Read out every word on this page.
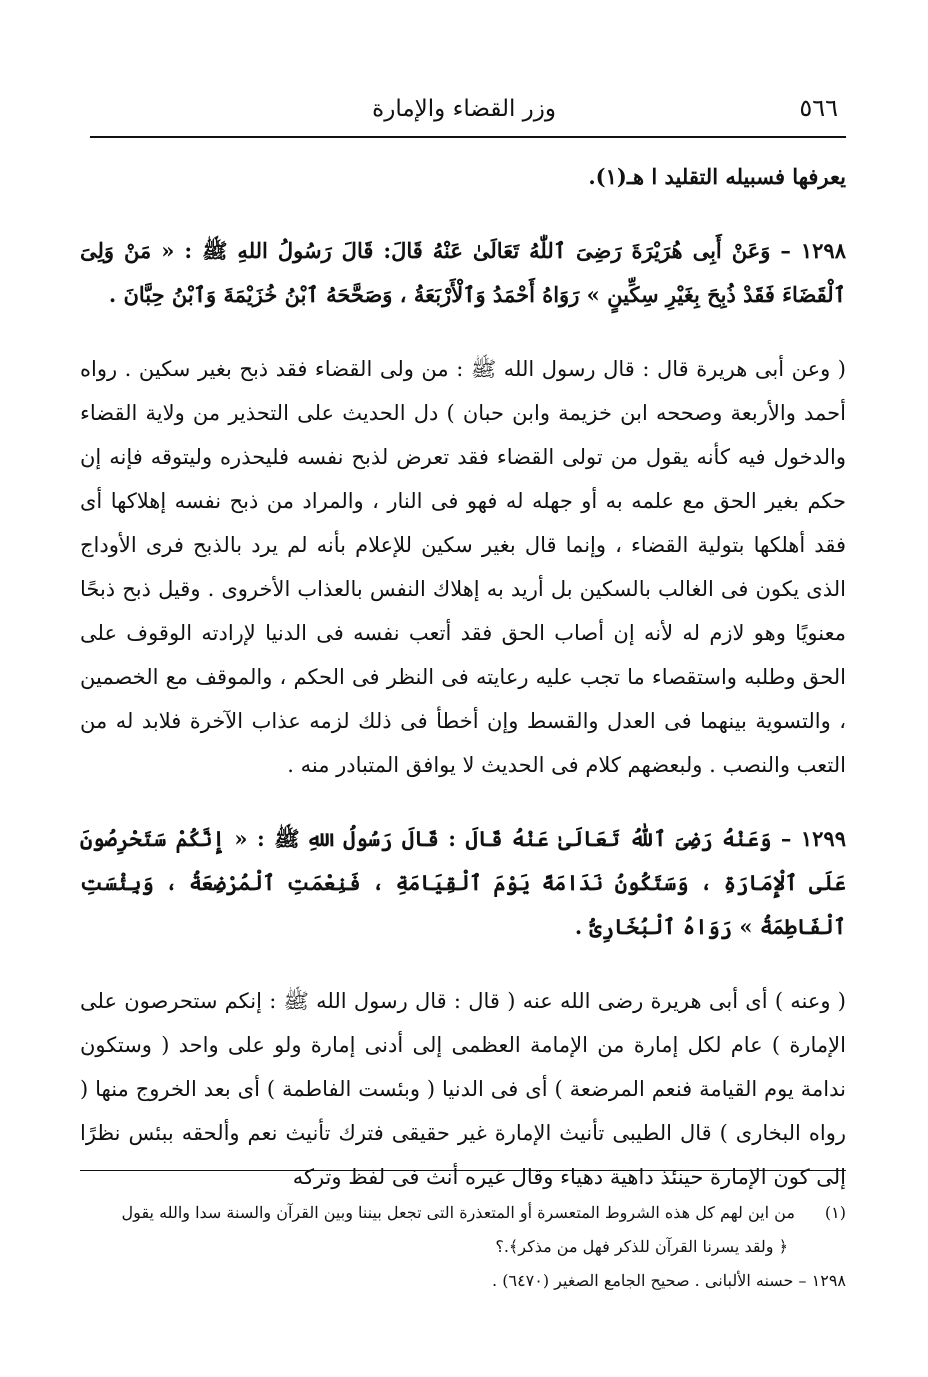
٥٦٦
وزر القضاء والإمارة

يعرفها فسبيله التقليد ا هـ(١).

١٢٩٨ – وَعَنْ أَبِى هُرَيْرَةَ رَضِىَ ٱللّٰهُ تَعَالَىٰ عَنْهُ قَالَ: قَالَ رَسُولُ اللهِ ﷺ : « مَنْ وَلِىَ ٱلْقَضَاءَ فَقَدْ ذُبِحَ بِغَيْرِ سِكِّينٍ » رَوَاهُ أَحْمَدُ وَٱلْأَرْبَعَةُ ، وَصَحَّحَهُ ٱبْنُ خُزَيْمَةَ وَٱبْنُ حِبَّانَ .

( وعن أبى هريرة قال : قال رسول الله ﷺ : من ولى القضاء فقد ذبح بغير سكين . رواه أحمد والأربعة وصححه ابن خزيمة وابن حبان ) دل الحديث على التحذير من ولاية القضاء والدخول فيه كأنه يقول من تولى القضاء فقد تعرض لذبح نفسه فليحذره وليتوقه فإنه إن حكم بغير الحق مع علمه به أو جهله له فهو فى النار ، والمراد من ذبح نفسه إهلاكها أى فقد أهلكها بتولية القضاء ، وإنما قال بغير سكين للإعلام بأنه لم يرد بالذبح فرى الأوداج الذى يكون فى الغالب بالسكين بل أريد به إهلاك النفس بالعذاب الأخروى . وقيل ذبح ذبحًا معنويًا وهو لازم له لأنه إن أصاب الحق فقد أتعب نفسه فى الدنيا لإرادته الوقوف على الحق وطلبه واستقصاء ما تجب عليه رعايته فى النظر فى الحكم ، والموقف مع الخصمين ، والتسوية بينهما فى العدل والقسط وإن أخطأ فى ذلك لزمه عذاب الآخرة فلابد له من التعب والنصب . ولبعضهم كلام فى الحديث لا يوافق المتبادر منه .

١٢٩٩ – وَعَنْهُ رَضِىَ ٱللّٰهُ تَعَالَىٰ عَنْهُ قَالَ : قَالَ رَسُولُ اللهِ ﷺ : « إِنَّكُمْ سَتَحْرِصُونَ عَلَى ٱلْإِمَارَةِ ، وَسَتَكُونُ نَدَامَةً يَوْمَ ٱلْقِيَامَةِ ، فَنِعْمَتِ ٱلْمُرْضِعَةُ ، وَبِئْسَتِ ٱلْفَاطِمَةُ » رَوَاهُ ٱلْبُخَارِىُّ .

( وعنه ) أى أبى هريرة رضى الله عنه ( قال : قال رسول الله ﷺ : إنكم ستحرصون على الإمارة ) عام لكل إمارة من الإمامة العظمى إلى أدنى إمارة ولو على واحد ( وستكون ندامة يوم القيامة فنعم المرضعة ) أى فى الدنيا ( وبئست الفاطمة ) أى بعد الخروج منها ( رواه البخارى ) قال الطيبى تأنيث الإمارة غير حقيقى فترك تأنيث نعم وألحقه ببئس نظرًا إلى كون الإمارة حينئذ داهية دهياء وقال غيره أنث فى لفظ وتركه

(١)
من اين لهم كل هذه الشروط المتعسرة أو المتعذرة التى تجعل بيننا وبين القرآن والسنة سدا والله يقول
﴿ ولقد يسرنا القرآن للذكر فهل من مذكر﴾.؟
١٢٩٨ – حسنه الألبانى . صحيح الجامع الصغير (٦٤٧٠) .
